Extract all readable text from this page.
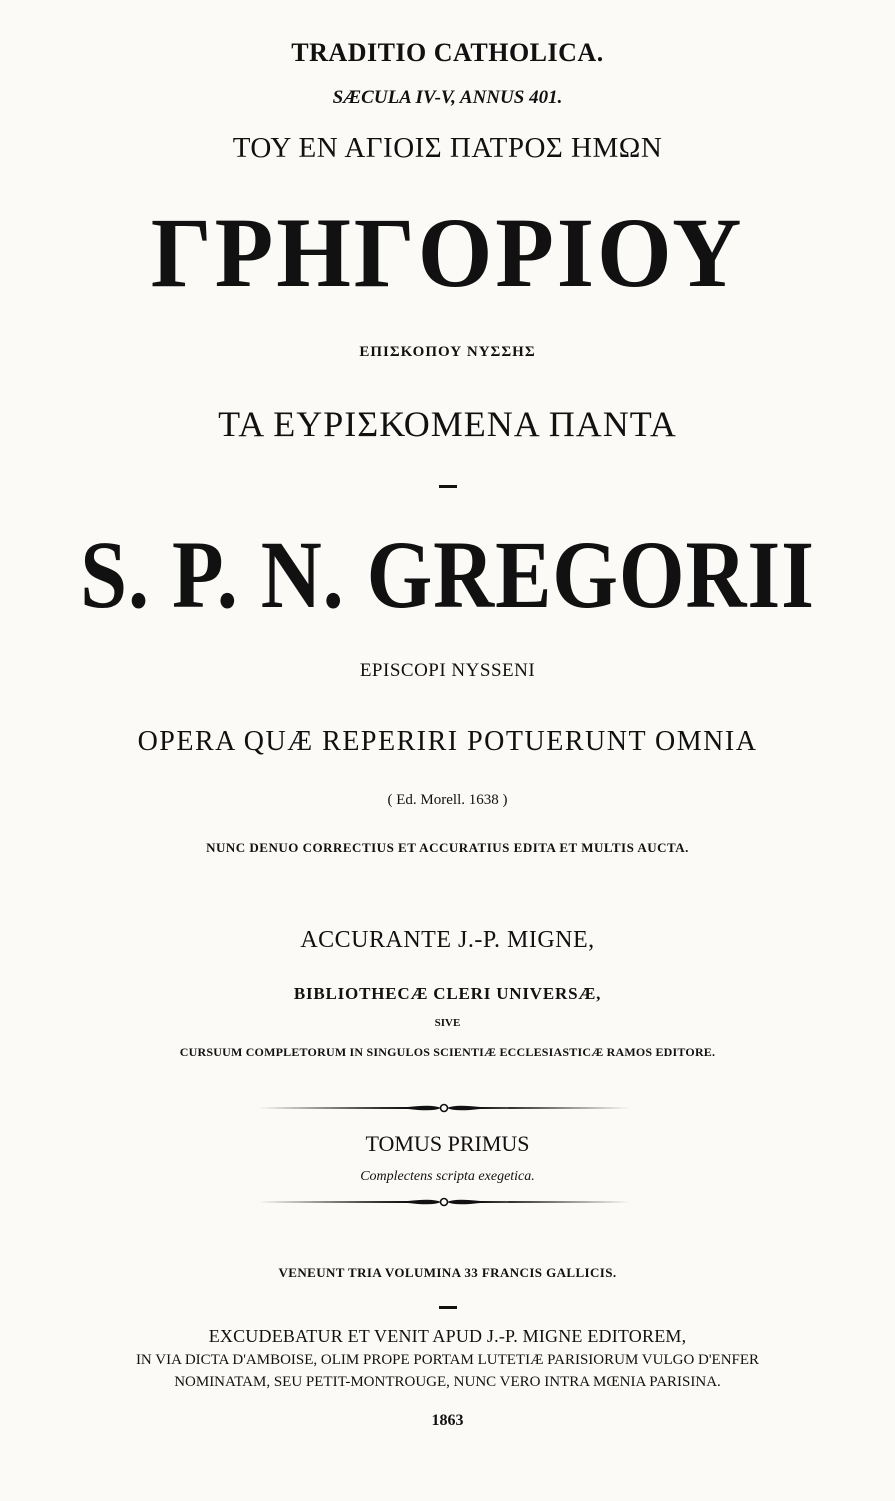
TRADITIO CATHOLICA.
SÆCULA IV-V, ANNUS 401.
ΤΟΥ ΕΝ ΑΓΙΟΙΣ ΠΑΤΡΟΣ ΗΜΩΝ
ΓΡΗΓΟΡΙΟΥ
ΕΠΙΣΚΟΠΟΥ ΝΥΣΣΗΣ
ΤΑ ΕΥΡΙΣΚΟΜΕΝΑ ΠΑΝΤΑ
S. P. N. GREGORII
EPISCOPI NYSSENI
OPERA QUÆ REPERIRI POTUERUNT OMNIA
( Ed. Morell. 1638 )
NUNC DENUO CORRECTIUS ET ACCURATIUS EDITA ET MULTIS AUCTA.
ACCURANTE J.-P. MIGNE,
BIBLIOTHECÆ CLERI UNIVERSÆ,
SIVE
CURSUUM COMPLETORUM IN SINGULOS SCIENTIÆ ECCLESIASTICÆ RAMOS EDITORE.
TOMUS PRIMUS
Complectens scripta exegetica.
VENEUNT TRIA VOLUMINA 33 FRANCIS GALLICIS.
EXCUDEBATUR ET VENIT APUD J.-P. MIGNE EDITOREM,
IN VIA DICTA D'AMBOISE, OLIM PROPE PORTAM LUTETIÆ PARISIORUM VULGO D'ENFER
NOMINATAM, SEU PETIT-MONTROUGE, NUNC VERO INTRA MŒNIA PARISINA.
1863
